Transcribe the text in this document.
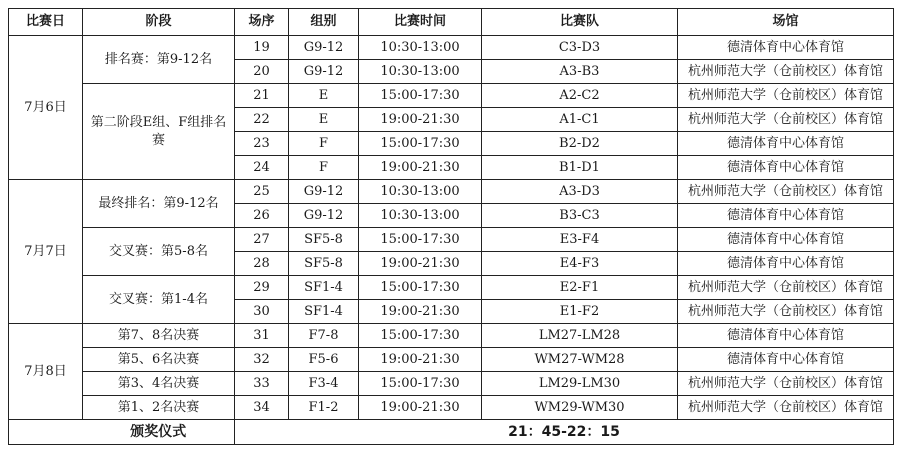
比赛日	阶段	场序	组别	比赛时间	比赛队	场馆
7月6日	排名赛：第9-12名	19	G9-12	10:30-13:00	C3-D3	德清体育中心体育馆
		20	G9-12	10:30-13:00	A3-B3	杭州师范大学（仓前校区）体育馆
	第二阶段E组、F组排名赛	21	E	15:00-17:30	A2-C2	杭州师范大学（仓前校区）体育馆
		22	E	19:00-21:30	A1-C1	杭州师范大学（仓前校区）体育馆
		23	F	15:00-17:30	B2-D2	德清体育中心体育馆
		24	F	19:00-21:30	B1-D1	德清体育中心体育馆
7月7日	最终排名：第9-12名	25	G9-12	10:30-13:00	A3-D3	杭州师范大学（仓前校区）体育馆
		26	G9-12	10:30-13:00	B3-C3	德清体育中心体育馆
	交叉赛：第5-8名	27	SF5-8	15:00-17:30	E3-F4	德清体育中心体育馆
		28	SF5-8	19:00-21:30	E4-F3	德清体育中心体育馆
	交叉赛：第1-4名	29	SF1-4	15:00-17:30	E2-F1	杭州师范大学（仓前校区）体育馆
		30	SF1-4	19:00-21:30	E1-F2	杭州师范大学（仓前校区）体育馆
7月8日	第7、8名决赛	31	F7-8	15:00-17:30	LM27-LM28	德清体育中心体育馆
	第5、6名决赛	32	F5-6	19:00-21:30	WM27-WM28	德清体育中心体育馆
	第3、4名决赛	33	F3-4	15:00-17:30	LM29-LM30	杭州师范大学（仓前校区）体育馆
	第1、2名决赛	34	F1-2	19:00-21:30	WM29-WM30	杭州师范大学（仓前校区）体育馆
	颁奖仪式	21：45-22：15				
